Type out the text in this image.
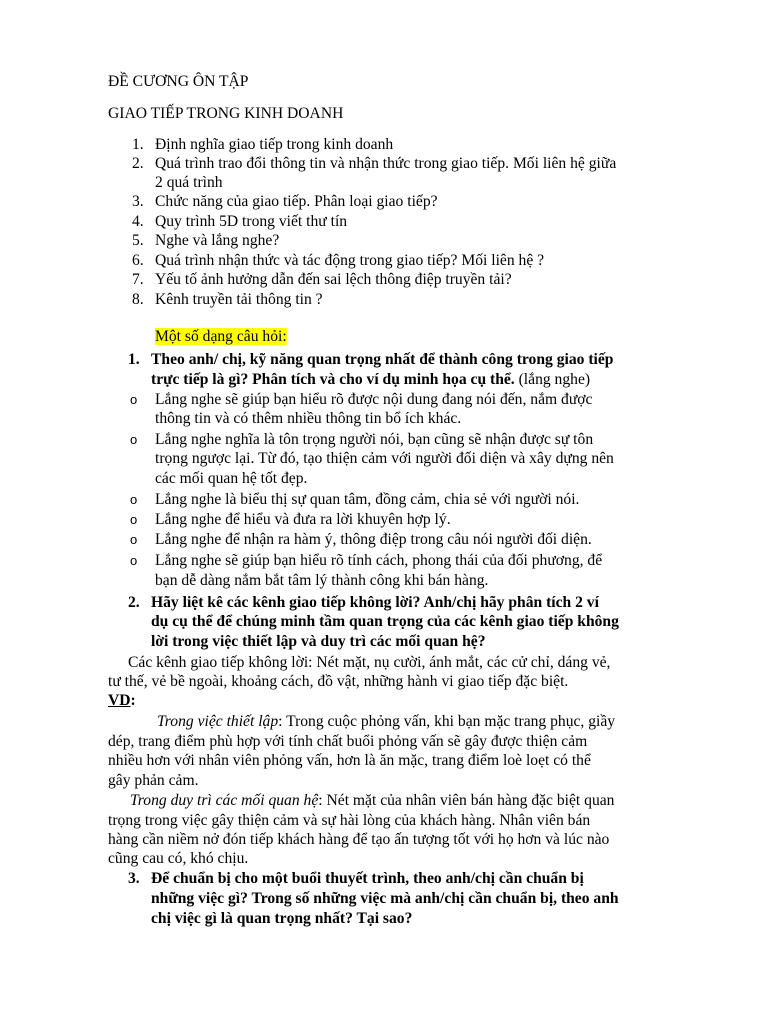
ĐỀ CƯƠNG ÔN TẬP
GIAO TIẾP TRONG KINH DOANH
1. Định nghĩa giao tiếp trong kinh doanh
2. Quá trình trao đổi thông tin và nhận thức trong giao tiếp. Mối liên hệ giữa
2 quá trình
3. Chức năng của giao tiếp. Phân loại giao tiếp?
4. Quy trình 5D trong viết thư tín
5. Nghe và lắng nghe?
6. Quá trình nhận thức và tác động trong giao tiếp? Mối liên hệ ?
7. Yếu tố ảnh hưởng dẫn đến sai lệch thông điệp truyền tải?
8. Kênh truyền tải thông tin ?
Một số dạng câu hỏi:
1. Theo anh/ chị, kỹ năng quan trọng nhất để thành công trong giao tiếp
trực tiếp là gì? Phân tích và cho ví dụ minh họa cụ thể. (lắng nghe)
o Lắng nghe sẽ giúp bạn hiểu rõ được nội dung đang nói đến, nắm được
thông tin và có thêm nhiều thông tin bổ ích khác.
o Lắng nghe nghĩa là tôn trọng người nói, bạn cũng sẽ nhận được sự tôn
trọng ngược lại. Từ đó, tạo thiện cảm với người đối diện và xây dựng nên
các mối quan hệ tốt đẹp.
o Lắng nghe là biểu thị sự quan tâm, đồng cảm, chia sẻ với người nói.
o Lắng nghe để hiểu và đưa ra lời khuyên hợp lý.
o Lắng nghe để nhận ra hàm ý, thông điệp trong câu nói người đối diện.
o Lắng nghe sẽ giúp bạn hiểu rõ tính cách, phong thái của đối phương, để
bạn dễ dàng nắm bắt tâm lý thành công khi bán hàng.
2. Hãy liệt kê các kênh giao tiếp không lời? Anh/chị hãy phân tích 2 ví
dụ cụ thể để chúng minh tầm quan trọng của các kênh giao tiếp không
lời trong việc thiết lập và duy trì các mối quan hệ?
Các kênh giao tiếp không lời: Nét mặt, nụ cười, ánh mắt, các cử chỉ, dáng vẻ,
tư thế, vẻ bề ngoài, khoảng cách, đồ vật, những hành vi giao tiếp đặc biệt.
VD:
Trong việc thiết lập: Trong cuộc phỏng vấn, khi bạn mặc trang phục, giầy
dép, trang điểm phù hợp với tính chất buổi phỏng vấn sẽ gây được thiện cảm
nhiều hơn với nhân viên phỏng vấn, hơn là ăn mặc, trang điểm loè loẹt có thể
gây phản cảm.
Trong duy trì các mối quan hệ: Nét mặt của nhân viên bán hàng đặc biệt quan
trọng trong việc gây thiện cảm và sự hài lòng của khách hàng. Nhân viên bán
hàng cần niềm nở đón tiếp khách hàng để tạo ấn tượng tốt với họ hơn và lúc nào
cũng cau có, khó chịu.
3. Để chuẩn bị cho một buổi thuyết trình, theo anh/chị cần chuẩn bị
những việc gì? Trong số những việc mà anh/chị cần chuẩn bị, theo anh
chị việc gì là quan trọng nhất? Tại sao?
